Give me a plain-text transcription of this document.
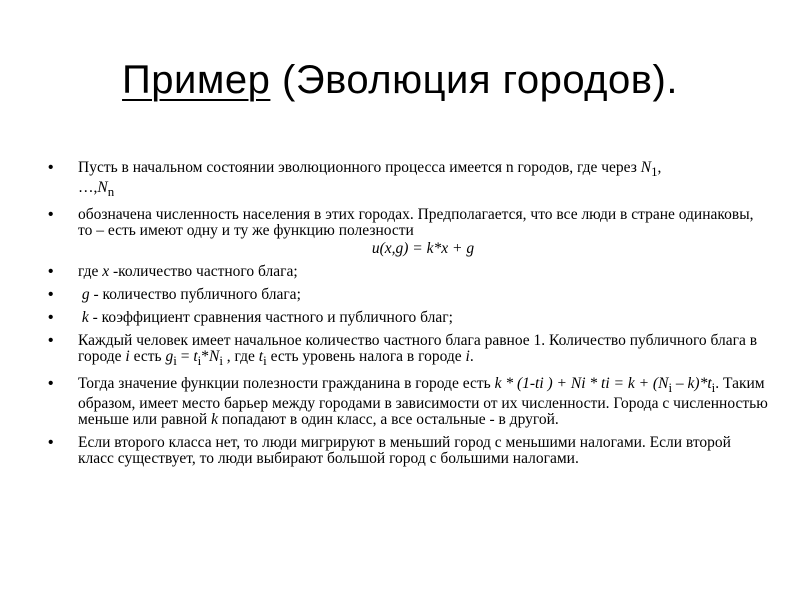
Пример (Эволюция городов).
• Пусть в начальном состоянии эволюционного процесса имеется n городов, где через $N_1$,
$\dots,N_n$
• обозначена численность населения в этих городах. Предполагается, что все люди в стране одинаковы, то – есть имеют одну и ту же функцию полезности
u(x,g) = k*x + g
• где x -количество частного блага;
• g - количество публичного блага;
• k - коэффициент сравнения частного и публичного благ;
• Каждый человек имеет начальное количество частного блага равное 1. Количество публичного блага в городе i есть $g_i = t_i*N_i$ , где $t_i$ есть уровень налога в городе i.
• Тогда значение функции полезности гражданина в городе есть k * (1-ti ) + Ni * ti = $k + (N_i - k)*t_i$. Таким образом, имеет место барьер между городами в зависимости от их численности. Города с численностью меньше или равной k попадают в один класс, а все остальные - в другой.
• Если второго класса нет, то люди мигрируют в меньший город с меньшими налогами. Если второй класс существует, то люди выбирают большой город с большими налогами.
